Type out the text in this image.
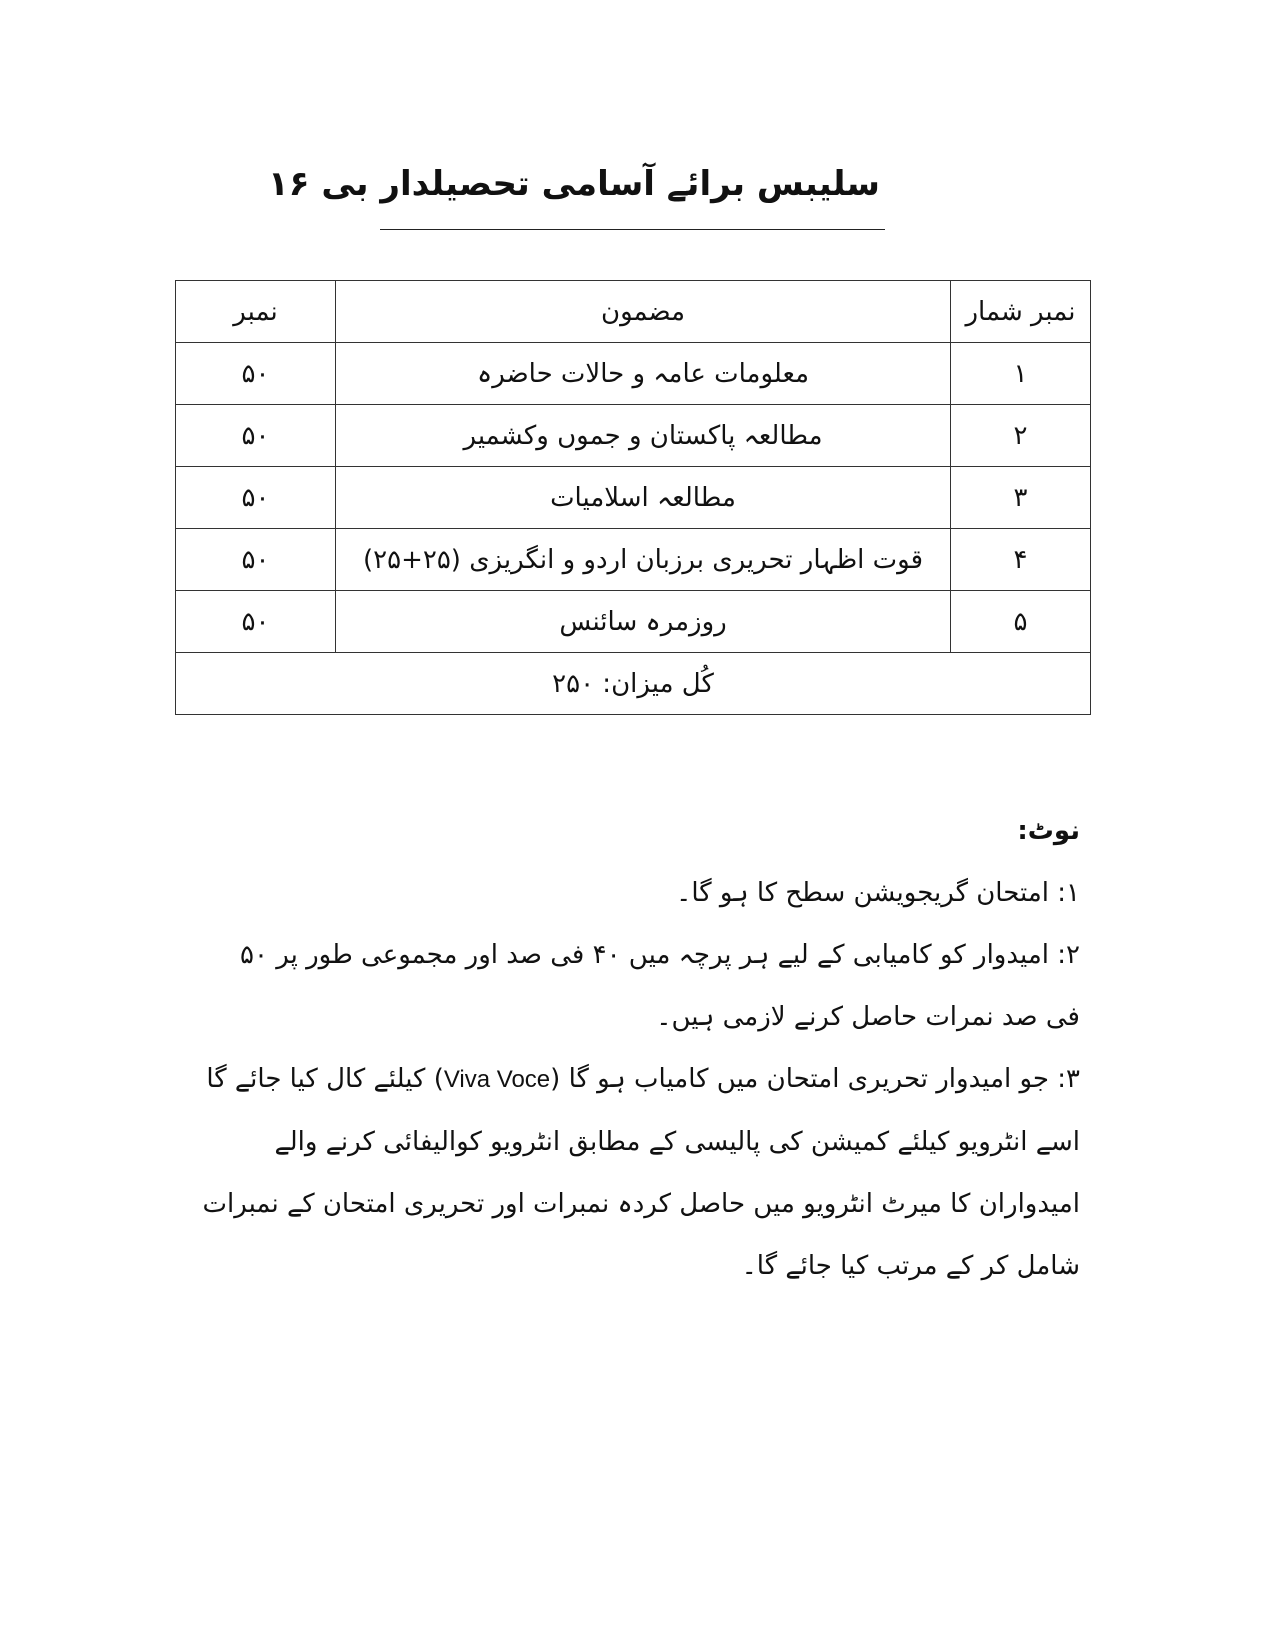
سلیبس برائے آسامی تحصیلدار بی ۱۶
نمبر شمار	مضمون	نمبر
۱	معلومات عامہ و حالات حاضرہ	۵۰
۲	مطالعہ پاکستان و جموں وکشمیر	۵۰
۳	مطالعہ اسلامیات	۵۰
۴	قوت اظہار تحریری برزبان اردو و انگریزی (۲۵+۲۵)	۵۰
۵	روزمرہ سائنس	۵۰
کُل میزان: ۲۵۰		

نوٹ:

۱: امتحان گریجویشن سطح کا ہو گا۔

۲: امیدوار کو کامیابی کے لیے ہر پرچہ میں ۴۰ فی صد اور مجموعی طور پر ۵۰ فی صد نمرات حاصل کرنے لازمی ہیں۔

۳: جو امیدوار تحریری امتحان میں کامیاب ہو گا (Viva Voce) کیلئے کال کیا جائے گا اسے انٹرویو کیلئے کمیشن کی پالیسی کے مطابق انٹرویو کوالیفائی کرنے والے امیدواران کا میرٹ انٹرویو میں حاصل کردہ نمبرات اور تحریری امتحان کے نمبرات شامل کر کے مرتب کیا جائے گا۔
